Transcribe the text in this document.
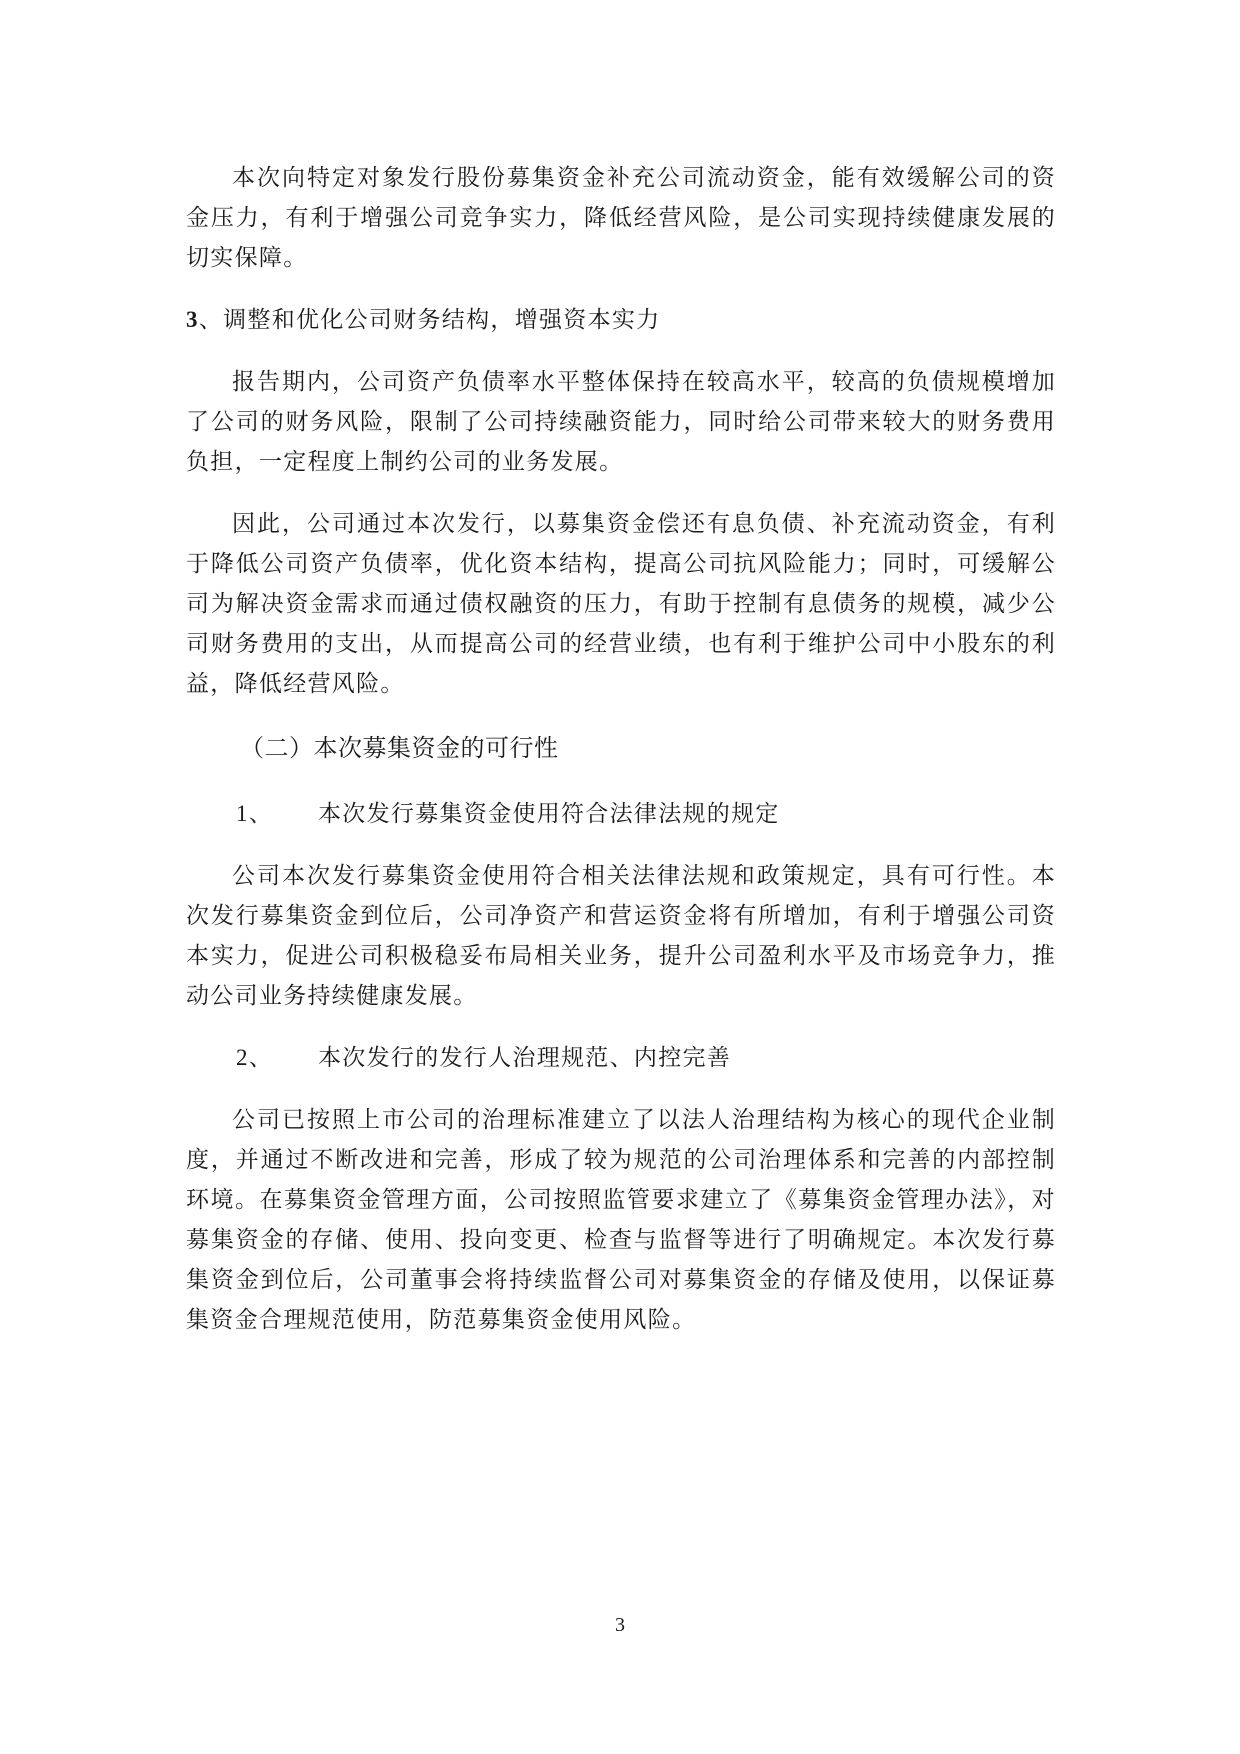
本次向特定对象发行股份募集资金补充公司流动资金，能有效缓解公司的资金压力，有利于增强公司竞争实力，降低经营风险，是公司实现持续健康发展的切实保障。

3、调整和优化公司财务结构，增强资本实力

报告期内，公司资产负债率水平整体保持在较高水平，较高的负债规模增加了公司的财务风险，限制了公司持续融资能力，同时给公司带来较大的财务费用负担，一定程度上制约公司的业务发展。

因此，公司通过本次发行，以募集资金偿还有息负债、补充流动资金，有利于降低公司资产负债率，优化资本结构，提高公司抗风险能力；同时，可缓解公司为解决资金需求而通过债权融资的压力，有助于控制有息债务的规模，减少公司财务费用的支出，从而提高公司的经营业绩，也有利于维护公司中小股东的利益，降低经营风险。

（二）本次募集资金的可行性
1、	本次发行募集资金使用符合法律法规的规定

公司本次发行募集资金使用符合相关法律法规和政策规定，具有可行性。本次发行募集资金到位后，公司净资产和营运资金将有所增加，有利于增强公司资本实力，促进公司积极稳妥布局相关业务，提升公司盈利水平及市场竞争力，推动公司业务持续健康发展。

2、	本次发行的发行人治理规范、内控完善

公司已按照上市公司的治理标准建立了以法人治理结构为核心的现代企业制度，并通过不断改进和完善，形成了较为规范的公司治理体系和完善的内部控制环境。在募集资金管理方面，公司按照监管要求建立了《募集资金管理办法》，对募集资金的存储、使用、投向变更、检查与监督等进行了明确规定。本次发行募集资金到位后，公司董事会将持续监督公司对募集资金的存储及使用，以保证募集资金合理规范使用，防范募集资金使用风险。

3
